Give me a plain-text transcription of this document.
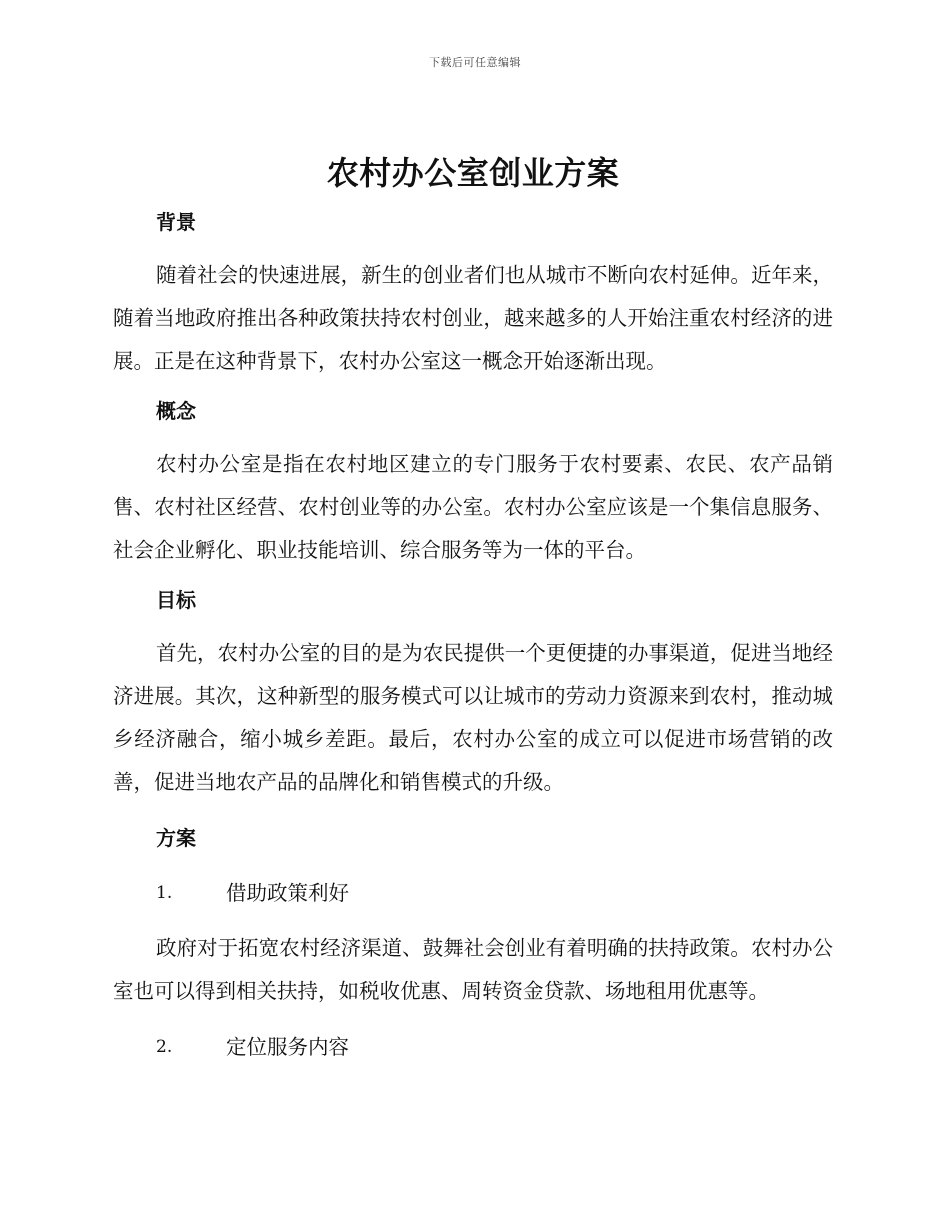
下载后可任意编辑
农村办公室创业方案
背景

随着社会的快速进展，新生的创业者们也从城市不断向农村延伸。近年来，随着当地政府推出各种政策扶持农村创业，越来越多的人开始注重农村经济的进展。正是在这种背景下，农村办公室这一概念开始逐渐出现。

概念

农村办公室是指在农村地区建立的专门服务于农村要素、农民、农产品销售、农村社区经营、农村创业等的办公室。农村办公室应该是一个集信息服务、社会企业孵化、职业技能培训、综合服务等为一体的平台。

目标

首先，农村办公室的目的是为农民提供一个更便捷的办事渠道，促进当地经济进展。其次，这种新型的服务模式可以让城市的劳动力资源来到农村，推动城乡经济融合，缩小城乡差距。最后，农村办公室的成立可以促进市场营销的改善，促进当地农产品的品牌化和销售模式的升级。

方案
1.	借助政策利好

政府对于拓宽农村经济渠道、鼓舞社会创业有着明确的扶持政策。农村办公室也可以得到相关扶持，如税收优惠、周转资金贷款、场地租用优惠等。

2.	定位服务内容
